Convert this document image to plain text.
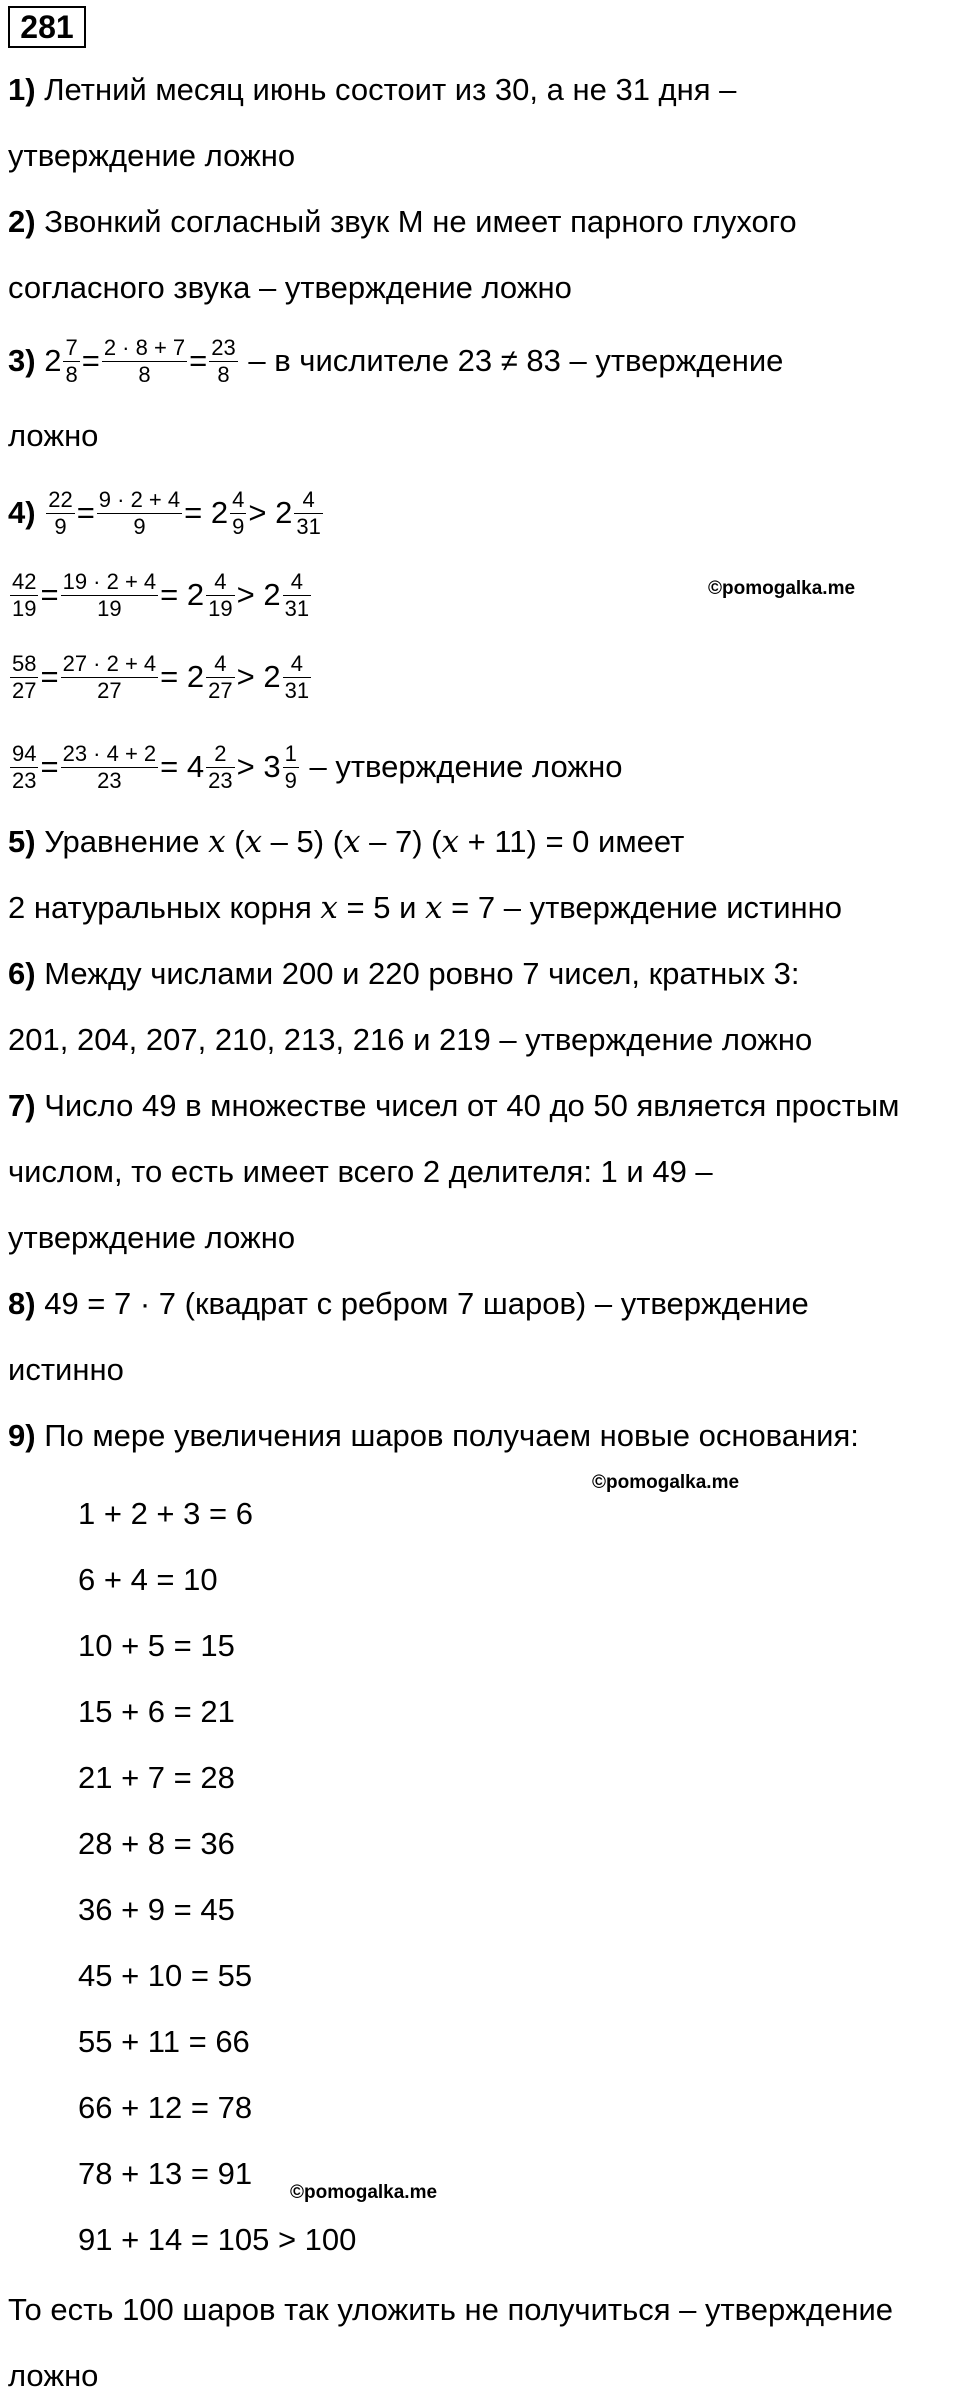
281
1) Летний месяц июнь состоит из 30, а не 31 дня –
утверждение ложно
2) Звонкий согласный звук М не имеет парного глухого
согласного звука – утверждение ложно
3)
$2 \frac{7}{8} = \frac{2 \cdot 8 + 7}{8} = \frac{23}{8}$
– в числителе 23 ≠ 83 – утверждение
ложно
4)
$\frac{22}{9} = \frac{9 \cdot 2 + 4}{9}$ =
$2 \frac{4}{9}$ >
$2 \frac{4}{31}$
$\frac{42}{19} = \frac{19 \cdot 2 + 4}{19}$ =
$2 \frac{4}{19}$ >
$2 \frac{4}{31}$
$\frac{58}{27} = \frac{27 \cdot 2 + 4}{27}$ =
$2 \frac{4}{27}$ >
$2 \frac{4}{31}$
$\frac{94}{23} = \frac{23 \cdot 4 + 2}{23}$ =
$4 \frac{2}{23}$ >
$3 \frac{1}{9}$
– утверждение ложно
5) Уравнение x (x – 5) (x – 7) (x + 11) = 0 имеет
2 натуральных корня x = 5 и x = 7 – утверждение истинно
6) Между числами 200 и 220 ровно 7 чисел, кратных 3:
201, 204, 207, 210, 213, 216 и 219 – утверждение ложно
7) Число 49 в множестве чисел от 40 до 50 является простым
числом, то есть имеет всего 2 делителя: 1 и 49 –
утверждение ложно
8) 49 = 7 · 7 (квадрат с ребром 7 шаров) – утверждение
истинно
9) По мере увеличения шаров получаем новые основания:
1 + 2 + 3 = 6
6 + 4 = 10
10 + 5 = 15
15 + 6 = 21
21 + 7 = 28
28 + 8 = 36
36 + 9 = 45
45 + 10 = 55
55 + 11 = 66
66 + 12 = 78
78 + 13 = 91
91 + 14 = 105 > 100
То есть 100 шаров так уложить не получиться – утверждение
ложно
©pomogalka.me
©pomogalka.me
©pomogalka.me
